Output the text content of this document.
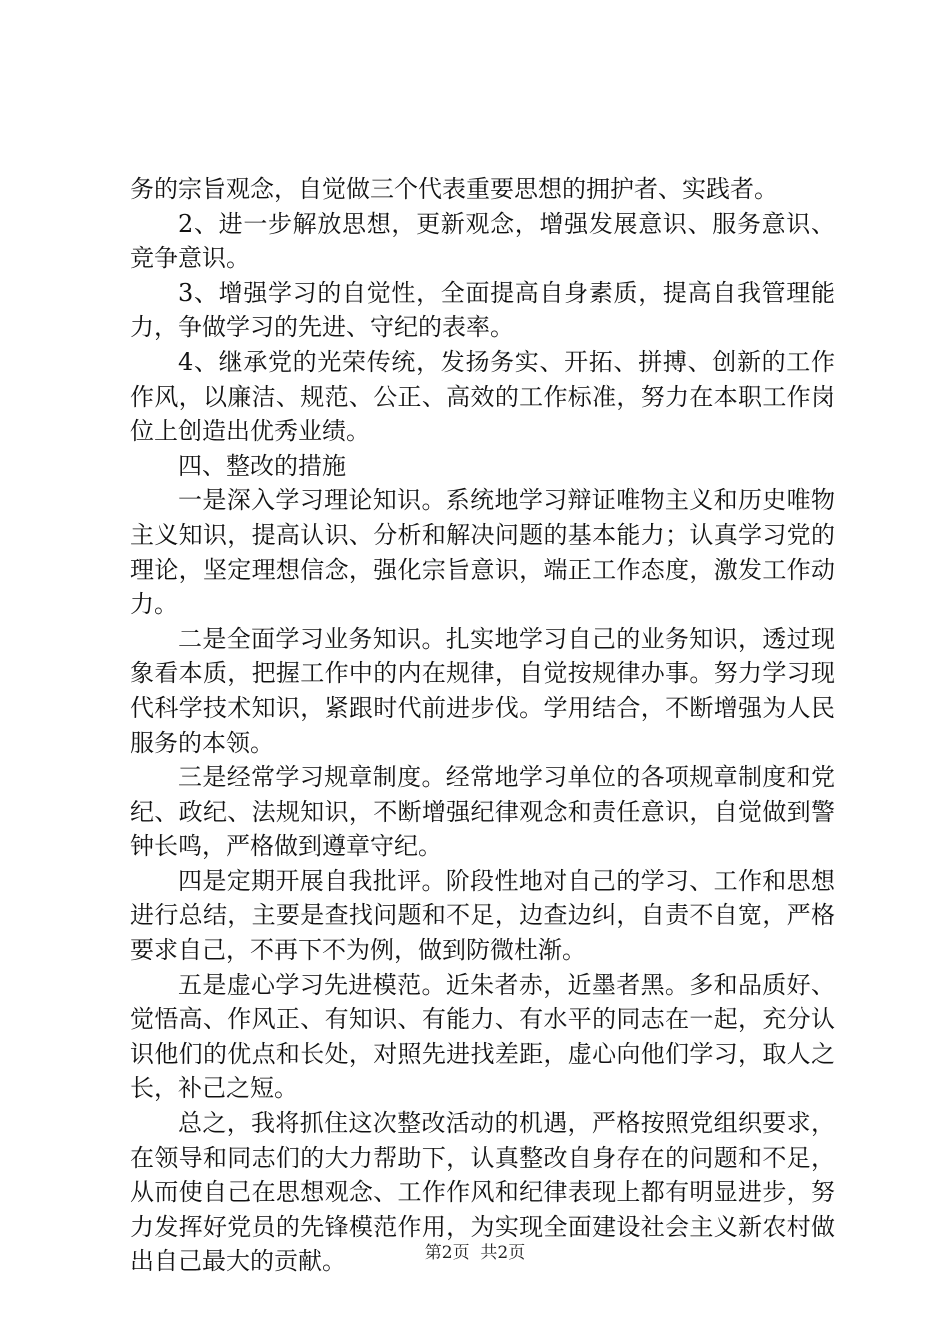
务的宗旨观念，自觉做三个代表重要思想的拥护者、实践者。

2、进一步解放思想，更新观念，增强发展意识、服务意识、竞争意识。

3、增强学习的自觉性，全面提高自身素质，提高自我管理能力，争做学习的先进、守纪的表率。

4、继承党的光荣传统，发扬务实、开拓、拼搏、创新的工作作风，以廉洁、规范、公正、高效的工作标准，努力在本职工作岗位上创造出优秀业绩。

四、整改的措施

一是深入学习理论知识。系统地学习辩证唯物主义和历史唯物主义知识，提高认识、分析和解决问题的基本能力；认真学习党的理论，坚定理想信念，强化宗旨意识，端正工作态度，激发工作动力。

二是全面学习业务知识。扎实地学习自己的业务知识，透过现象看本质，把握工作中的内在规律，自觉按规律办事。努力学习现代科学技术知识，紧跟时代前进步伐。学用结合，不断增强为人民服务的本领。

三是经常学习规章制度。经常地学习单位的各项规章制度和党纪、政纪、法规知识，不断增强纪律观念和责任意识，自觉做到警钟长鸣，严格做到遵章守纪。

四是定期开展自我批评。阶段性地对自己的学习、工作和思想进行总结，主要是查找问题和不足，边查边纠，自责不自宽，严格要求自己，不再下不为例，做到防微杜渐。

五是虚心学习先进模范。近朱者赤，近墨者黑。多和品质好、觉悟高、作风正、有知识、有能力、有水平的同志在一起，充分认识他们的优点和长处，对照先进找差距，虚心向他们学习，取人之长，补己之短。

总之，我将抓住这次整改活动的机遇，严格按照党组织要求，在领导和同志们的大力帮助下，认真整改自身存在的问题和不足，从而使自己在思想观念、工作作风和纪律表现上都有明显进步，努力发挥好党员的先锋模范作用，为实现全面建设社会主义新农村做出自己最大的贡献。	第2页  共2页
